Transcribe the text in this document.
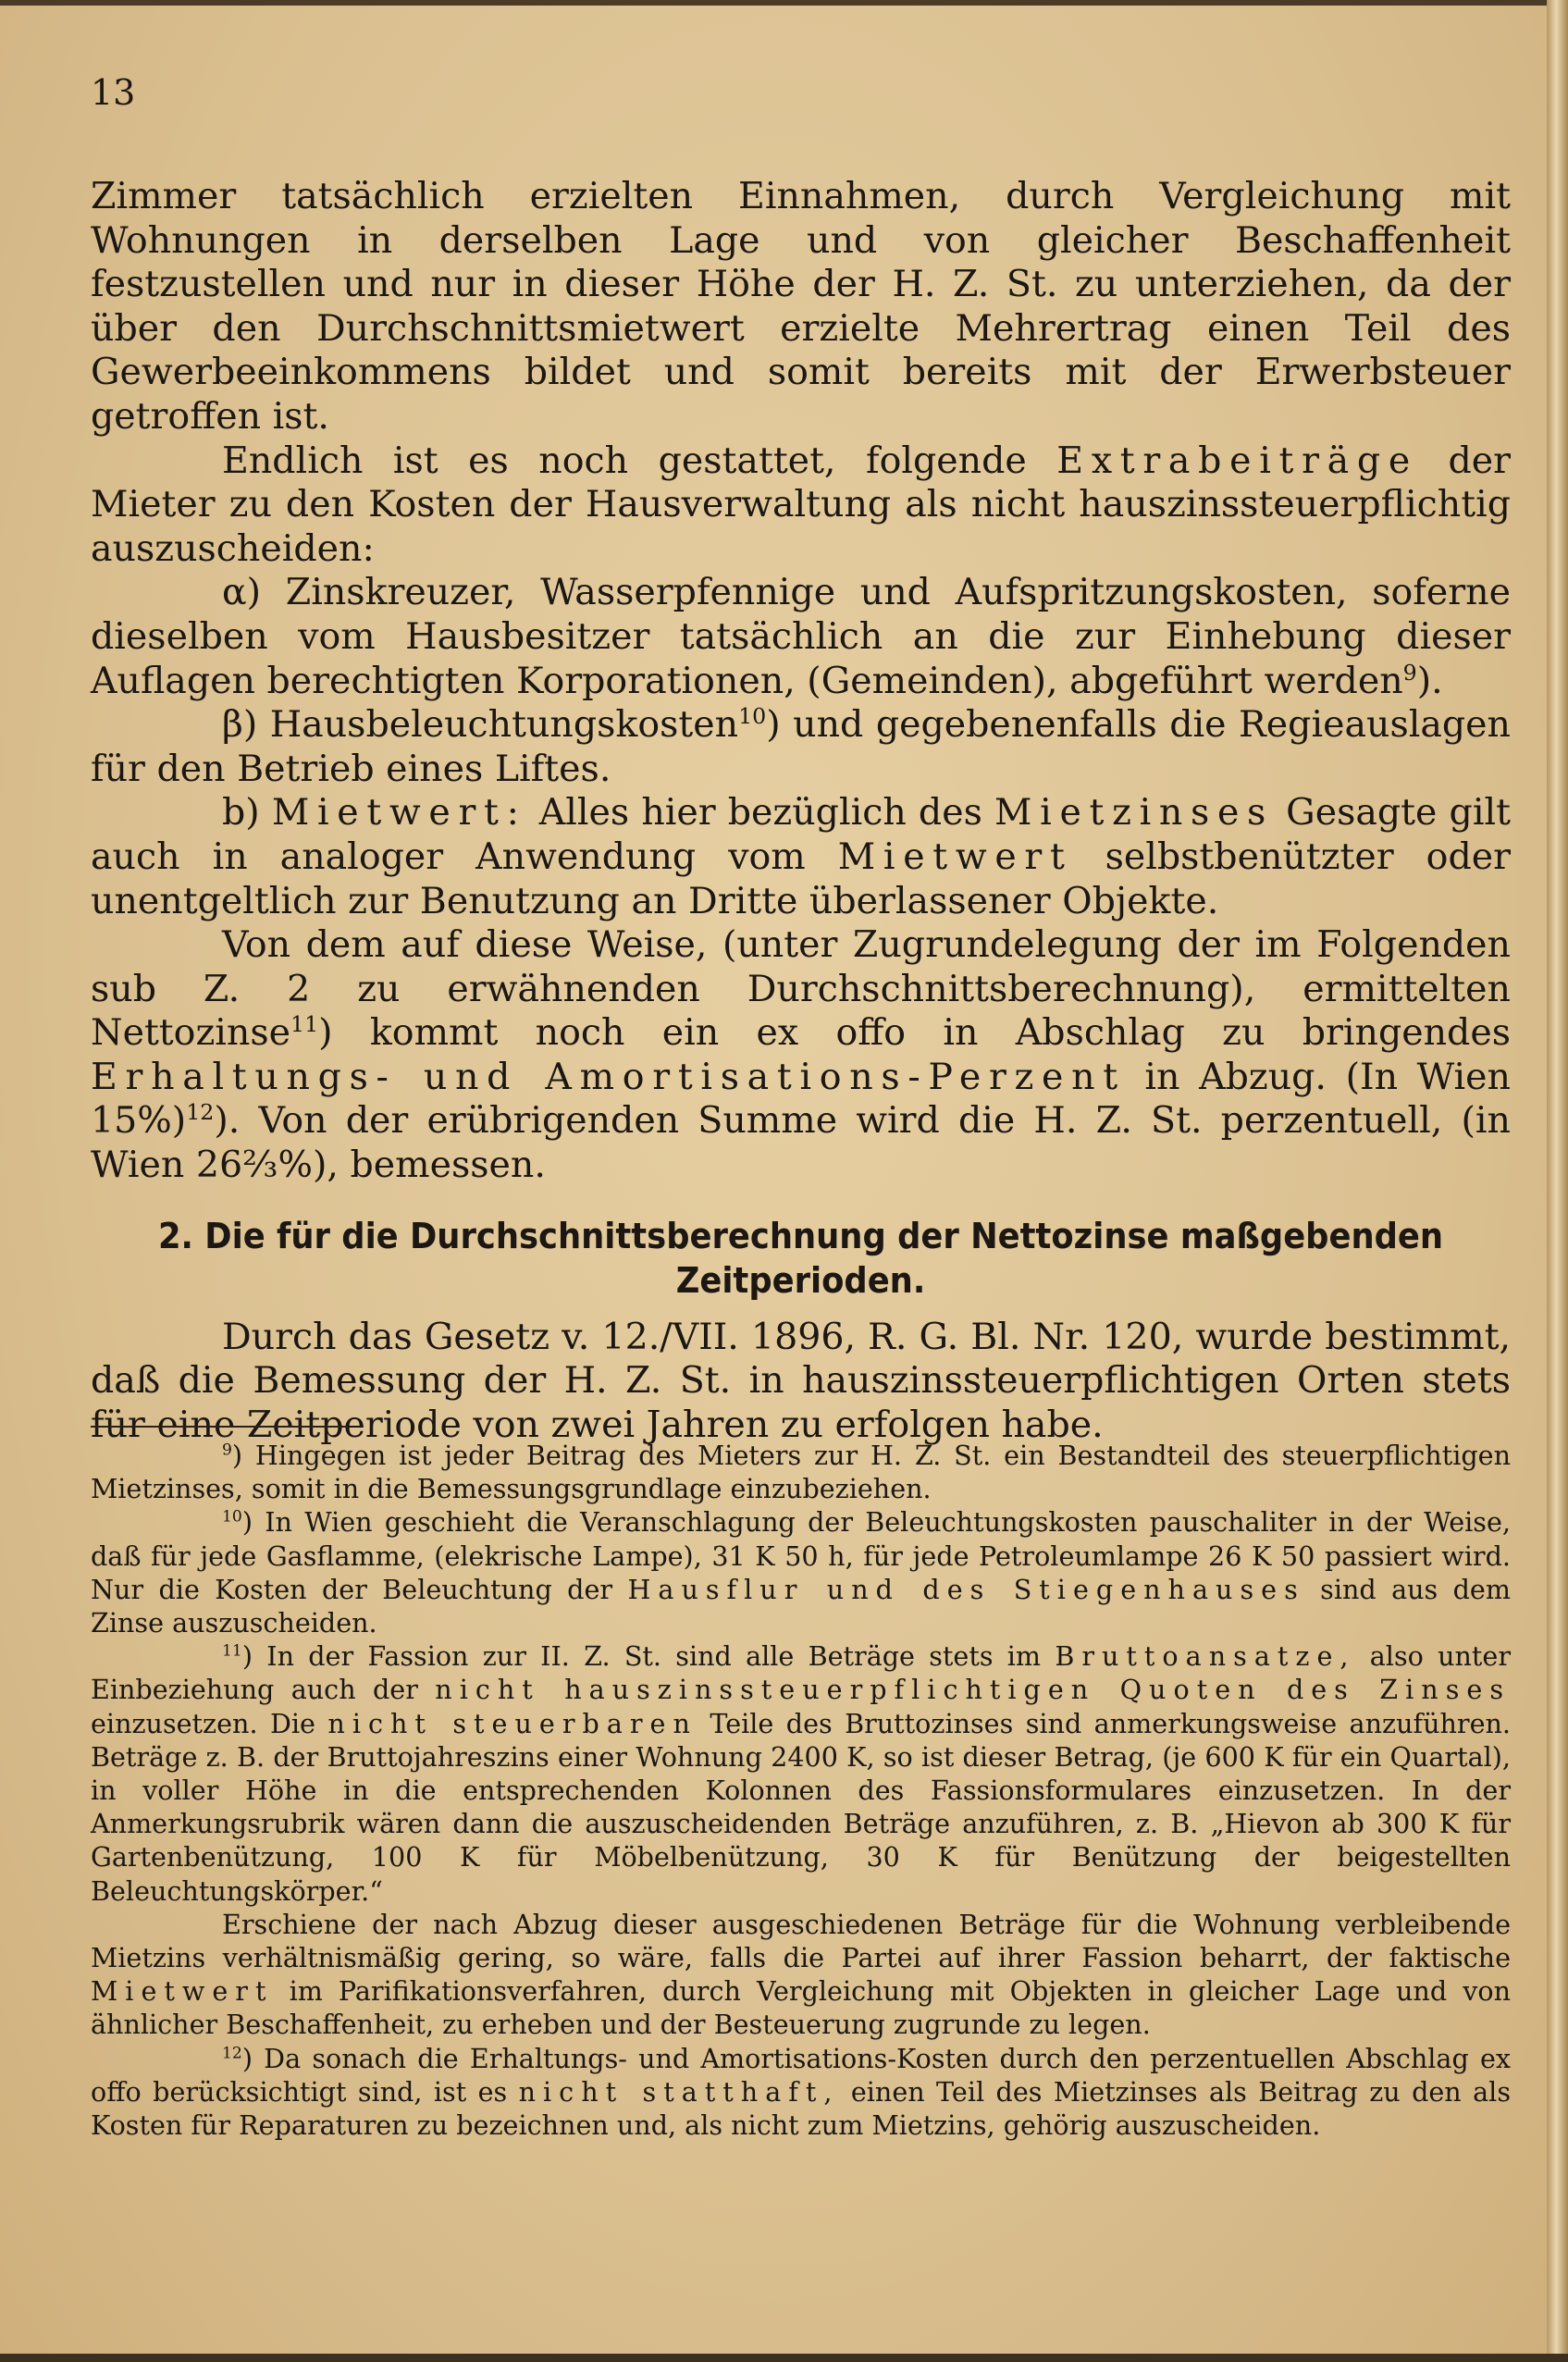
13

Zimmer tatsächlich erzielten Einnahmen, durch Vergleichung mit Wohnungen in derselben Lage und von gleicher Beschaffenheit festzustellen und nur in dieser Höhe der H. Z. St. zu unterziehen, da der über den Durchschnittsmietwert erzielte Mehrertrag einen Teil des Gewerbeeinkommens bildet und somit bereits mit der Erwerbsteuer getroffen ist.

Endlich ist es noch gestattet, folgende Extrabeiträge der Mieter zu den Kosten der Hausverwaltung als nicht hauszinssteuerpflichtig auszuscheiden:

α) Zinskreuzer, Wasserpfennige und Aufspritzungskosten, soferne dieselben vom Hausbesitzer tatsächlich an die zur Einhebung dieser Auflagen berechtigten Korporationen, (Gemeinden), abgeführt werden$^9$).

β) Hausbeleuchtungskosten$^{10}$) und gegebenenfalls die Regieauslagen für den Betrieb eines Liftes.

b) Mietwert: Alles hier bezüglich des Mietzinses Gesagte gilt auch in analoger Anwendung vom Mietwert selbstbenützter oder unentgeltlich zur Benutzung an Dritte überlassener Objekte.

Von dem auf diese Weise, (unter Zugrundelegung der im Folgenden sub Z. 2 zu erwähnenden Durchschnittsberechnung), ermittelten Nettozinse$^{11}$) kommt noch ein ex offo in Abschlag zu bringendes Erhaltungs- und Amortisations-Perzent in Abzug. (In Wien 15%)$^{12}$). Von der erübrigenden Summe wird die H. Z. St. perzentuell, (in Wien 26⅔%), bemessen.

2. Die für die Durchschnittsberechnung der Nettozinse maßgebenden Zeitperioden.

Durch das Gesetz v. 12./VII. 1896, R. G. Bl. Nr. 120, wurde bestimmt, daß die Bemessung der H. Z. St. in hauszinssteuerpflichtigen Orten stets für eine Zeitperiode von zwei Jahren zu erfolgen habe.

$^9$) Hingegen ist jeder Beitrag des Mieters zur H. Z. St. ein Bestandteil des steuerpflichtigen Mietzinses, somit in die Bemessungsgrundlage einzubeziehen.

$^{10}$) In Wien geschieht die Veranschlagung der Beleuchtungskosten pauschaliter in der Weise, daß für jede Gasflamme, (elekrische Lampe), 31 K 50 h, für jede Petroleumlampe 26 K 50 passiert wird. Nur die Kosten der Beleuchtung der Hausflur und des Stiegenhauses sind aus dem Zinse auszuscheiden.

$^{11}$) In der Fassion zur II. Z. St. sind alle Beträge stets im Bruttoansatze, also unter Einbeziehung auch der nicht hauszinssteuerpflichtigen Quoten des Zinses einzusetzen. Die nicht steuerbaren Teile des Bruttozinses sind anmerkungsweise anzuführen. Beträge z. B. der Bruttojahreszins einer Wohnung 2400 K, so ist dieser Betrag, (je 600 K für ein Quartal), in voller Höhe in die entsprechenden Kolonnen des Fassionsformulares einzusetzen. In der Anmerkungsrubrik wären dann die auszuscheidenden Beträge anzuführen, z. B. „Hievon ab 300 K für Gartenbenützung, 100 K für Möbelbenützung, 30 K für Benützung der beigestellten Beleuchtungskörper.“

Erschiene der nach Abzug dieser ausgeschiedenen Beträge für die Wohnung verbleibende Mietzins verhältnismäßig gering, so wäre, falls die Partei auf ihrer Fassion beharrt, der faktische Mietwert im Parifikationsverfahren, durch Vergleichung mit Objekten in gleicher Lage und von ähnlicher Beschaffenheit, zu erheben und der Besteuerung zugrunde zu legen.

$^{12}$) Da sonach die Erhaltungs- und Amortisations-Kosten durch den perzentuellen Abschlag ex offo berücksichtigt sind, ist es nicht statthaft, einen Teil des Mietzinses als Beitrag zu den als Kosten für Reparaturen zu bezeichnen und, als nicht zum Mietzins, gehörig auszuscheiden.
